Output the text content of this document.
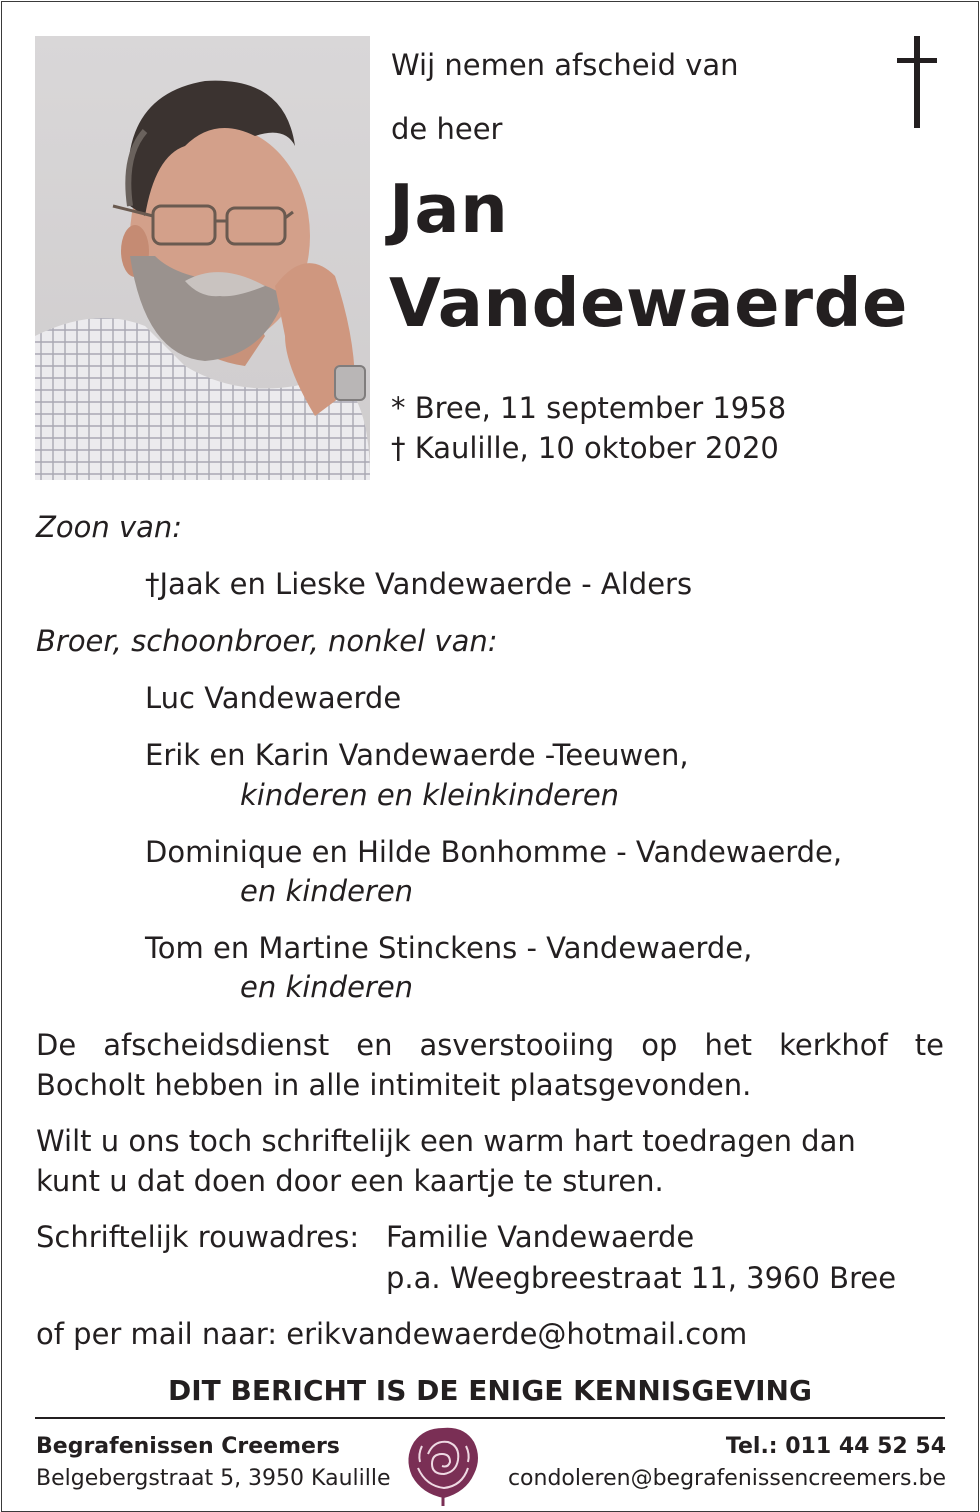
Wij nemen afscheid van
de heer
Jan
Vandewaerde
* Bree, 11 september 1958
† Kaulille, 10 oktober 2020
Zoon van:
†Jaak en Lieske Vandewaerde - Alders
Broer, schoonbroer, nonkel van:
Luc Vandewaerde
Erik en Karin Vandewaerde -Teeuwen,
kinderen en kleinkinderen
Dominique en Hilde Bonhomme - Vandewaerde,
en kinderen
Tom en Martine Stinckens - Vandewaerde,
en kinderen
De afscheidsdienst en asverstooiing op het kerkhof te
Bocholt hebben in alle intimiteit plaatsgevonden.
Wilt u ons toch schriftelijk een warm hart toedragen dan
kunt u dat doen door een kaartje te sturen.
Schriftelijk rouwadres: Familie Vandewaerde
p.a. Weegbreestraat 11, 3960 Bree
of per mail naar: erikvandewaerde@hotmail.com
DIT BERICHT IS DE ENIGE KENNISGEVING
Begrafenissen Creemers
Belgebergstraat 5, 3950 Kaulille
Tel.: 011 44 52 54
condoleren@begrafenissencreemers.be
